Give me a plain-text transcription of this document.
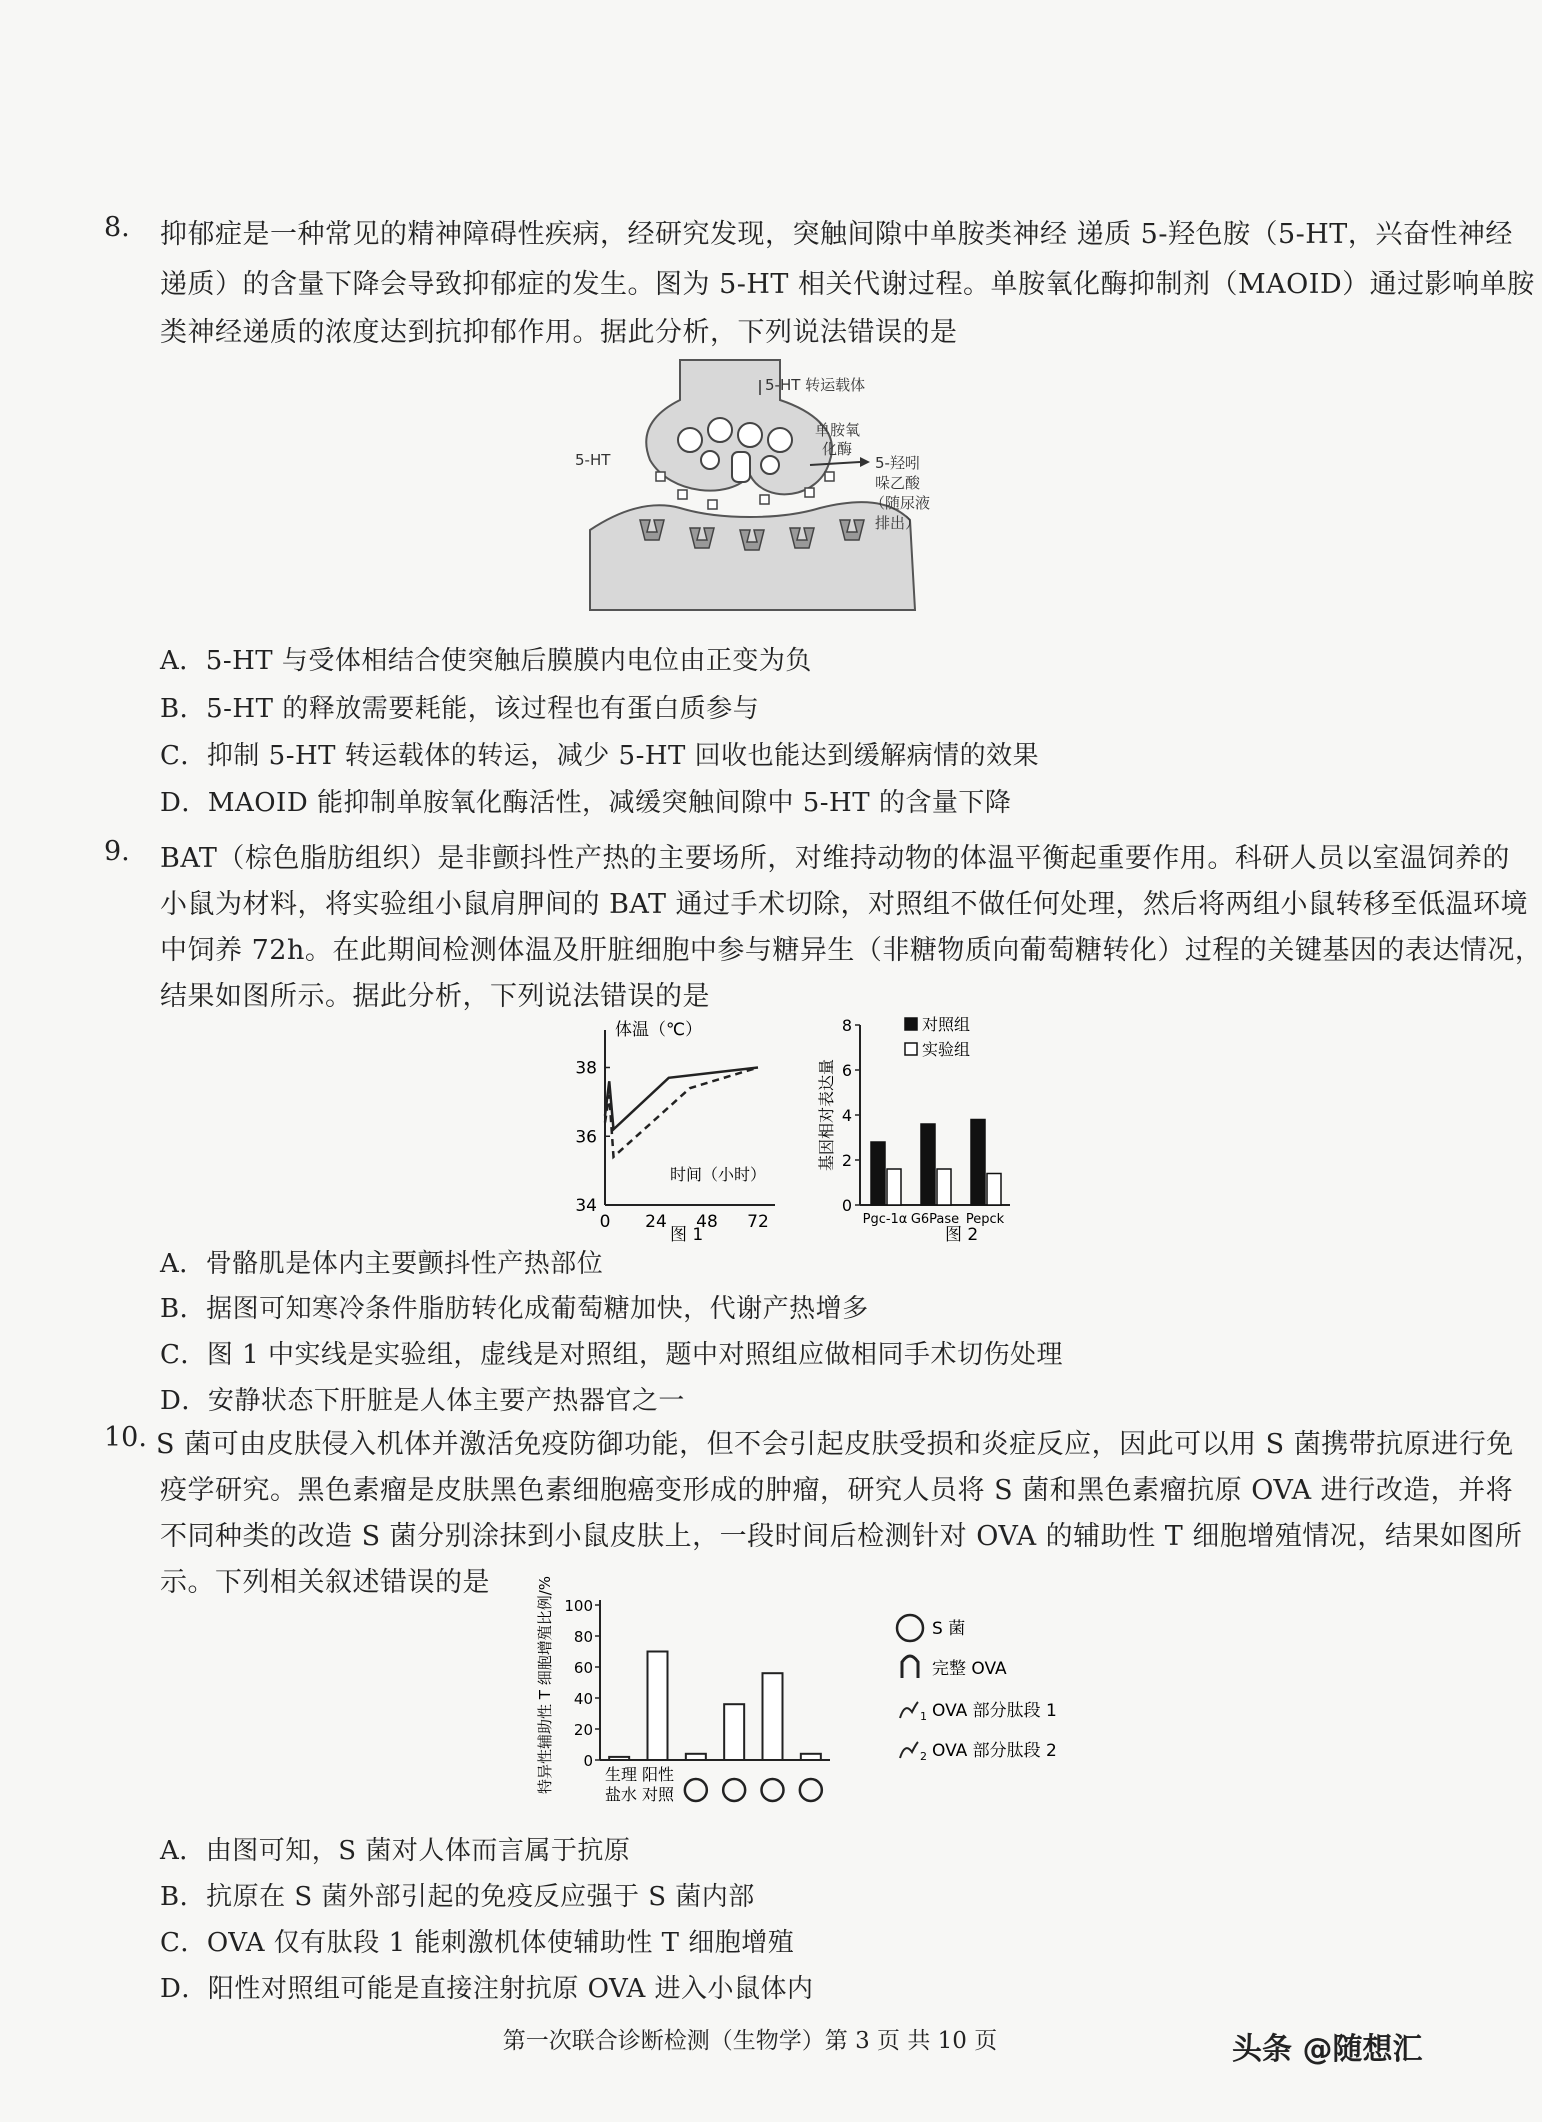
8. 抑郁症是一种常见的精神障碍性疾病，经研究发现，突触间隙中单胺类神经 递质 5-羟色胺（5-HT，兴奋性神经
递质）的含量下降会导致抑郁症的发生。图为 5-HT 相关代谢过程。单胺氧化酶抑制剂（MAOID）通过影响单胺
类神经递质的浓度达到抗抑郁作用。据此分析，下列说法错误的是
5-HT 转运载体
5-HT
单胺氧
化酶
5-羟吲
哚乙酸
（随尿液
排出）
A．5-HT 与受体相结合使突触后膜膜内电位由正变为负
B．5-HT 的释放需要耗能，该过程也有蛋白质参与
C．抑制 5-HT 转运载体的转运，减少 5-HT 回收也能达到缓解病情的效果
D．MAOID 能抑制单胺氧化酶活性，减缓突触间隙中 5-HT 的含量下降
9. BAT（棕色脂肪组织）是非颤抖性产热的主要场所，对维持动物的体温平衡起重要作用。科研人员以室温饲养的
小鼠为材料，将实验组小鼠肩胛间的 BAT 通过手术切除，对照组不做任何处理，然后将两组小鼠转移至低温环境
中饲养 72h。在此期间检测体温及肝脏细胞中参与糖异生（非糖物质向葡萄糖转化）过程的关键基因的表达情况，
结果如图所示。据此分析，下列说法错误的是
体温（℃）
时间（小时）
图 1
34
36
38
0 24 48 72
图 2
0
2
4
6
8
基因相对表达量
Pgc-1α G6Pase Pepck
对照组
实验组
A．骨骼肌是体内主要颤抖性产热部位
B．据图可知寒冷条件脂肪转化成葡萄糖加快，代谢产热增多
C．图 1 中实线是实验组，虚线是对照组，题中对照组应做相同手术切伤处理
D．安静状态下肝脏是人体主要产热器官之一
10. S 菌可由皮肤侵入机体并激活免疫防御功能，但不会引起皮肤受损和炎症反应，因此可以用 S 菌携带抗原进行免
疫学研究。黑色素瘤是皮肤黑色素细胞癌变形成的肿瘤，研究人员将 S 菌和黑色素瘤抗原 OVA 进行改造，并将
不同种类的改造 S 菌分别涂抹到小鼠皮肤上，一段时间后检测针对 OVA 的辅助性 T 细胞增殖情况，结果如图所
示。下列相关叙述错误的是
S 菌
完整 OVA
1 OVA 部分肽段 1
2 OVA 部分肽段 2
生理
盐水
阳性
对照
0
20
40
60
80
100
特异性辅助性 T 细胞增殖比例/%
A．由图可知，S 菌对人体而言属于抗原
B．抗原在 S 菌外部引起的免疫反应强于 S 菌内部
C．OVA 仅有肽段 1 能刺激机体使辅助性 T 细胞增殖
D．阳性对照组可能是直接注射抗原 OVA 进入小鼠体内
第一次联合诊断检测（生物学）第 3 页 共 10 页	头条 @随想汇
